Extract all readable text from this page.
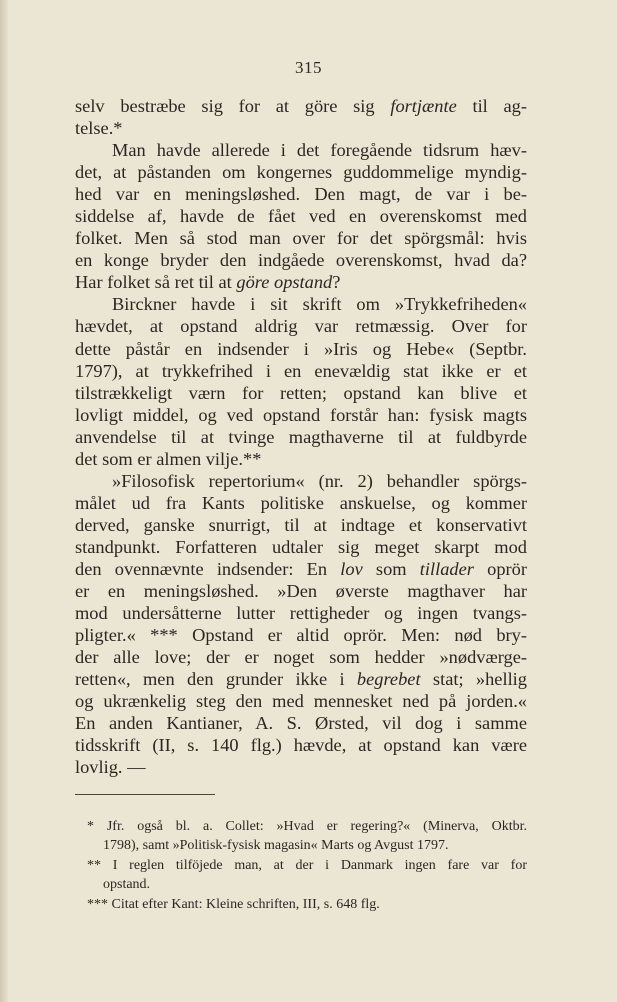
315
selv bestræbe sig for at göre sig fortjænte til ag-
telse.*
Man havde allerede i det foregående tidsrum hæv-
det, at påstanden om kongernes guddommelige myndig-
hed var en meningsløshed. Den magt, de var i be-
siddelse af, havde de fået ved en overenskomst med
folket. Men så stod man over for det spörgsmål: hvis
en konge bryder den indgåede overenskomst, hvad da?
Har folket så ret til at göre opstand?
Birckner havde i sit skrift om »Trykkefriheden«
hævdet, at opstand aldrig var retmæssig. Over for
dette påstår en indsender i »Iris og Hebe« (Septbr.
1797), at trykkefrihed i en enevældig stat ikke er et
tilstrækkeligt værn for retten; opstand kan blive et
lovligt middel, og ved opstand forstår han: fysisk magts
anvendelse til at tvinge magthaverne til at fuldbyrde
det som er almen vilje.**
»Filosofisk repertorium« (nr. 2) behandler spörgs-
målet ud fra Kants politiske anskuelse, og kommer
derved, ganske snurrigt, til at indtage et konservativt
standpunkt. Forfatteren udtaler sig meget skarpt mod
den ovennævnte indsender: En lov som tillader oprör
er en meningsløshed. »Den øverste magthaver har
mod undersåtterne lutter rettigheder og ingen tvangs-
pligter.« *** Opstand er altid oprör. Men: nød bry-
der alle love; der er noget som hedder »nødværge-
retten«, men den grunder ikke i begrebet stat; »hellig
og ukrænkelig steg den med mennesket ned på jorden.«
En anden Kantianer, A. S. Ørsted, vil dog i samme
tidsskrift (II, s. 140 flg.) hævde, at opstand kan være
lovlig. —
* Jfr. også bl. a. Collet: »Hvad er regering?« (Minerva, Oktbr.
1798), samt »Politisk-fysisk magasin« Marts og Avgust 1797.
** I reglen tilföjede man, at der i Danmark ingen fare var for
opstand.
*** Citat efter Kant: Kleine schriften, III, s. 648 flg.
